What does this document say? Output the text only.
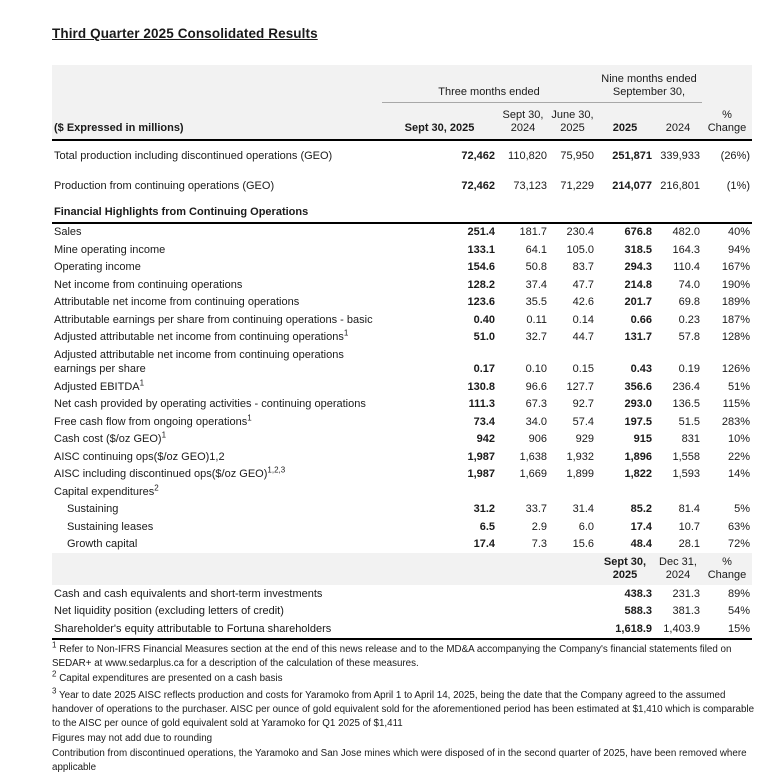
Third Quarter 2025 Consolidated Results
	Three months ended			Nine months ended
September 30,		

($ Expressed in millions)	Sept 30, 2025	Sept 30, 2024	June 30, 2025	2025	2024	% Change
Total production including discontinued operations (GEO)	72,462	110,820	75,950	251,871	339,933	(26%)
Production from continuing operations (GEO)	72,462	73,123	71,229	214,077	216,801	(1%)
Financial Highlights from Continuing Operations						
Sales	251.4	181.7	230.4	676.8	482.0	40%
Mine operating income	133.1	64.1	105.0	318.5	164.3	94%
Operating income	154.6	50.8	83.7	294.3	110.4	167%
Net income from continuing operations	128.2	37.4	47.7	214.8	74.0	190%
Attributable net income from continuing operations	123.6	35.5	42.6	201.7	69.8	189%
Attributable earnings per share from continuing operations - basic	0.40	0.11	0.14	0.66	0.23	187%
Adjusted attributable net income from continuing operations$^1$	51.0	32.7	44.7	131.7	57.8	128%
Adjusted attributable net income from continuing operations earnings per share	0.17	0.10	0.15	0.43	0.19	126%
Adjusted EBITDA$^1$	130.8	96.6	127.7	356.6	236.4	51%
Net cash provided by operating activities - continuing operations	111.3	67.3	92.7	293.0	136.5	115%
Free cash flow from ongoing operations$^1$	73.4	34.0	57.4	197.5	51.5	283%
Cash cost ($/oz GEO)$^1$	942	906	929	915	831	10%
AISC continuing ops($/oz GEO)1,2	1,987	1,638	1,932	1,896	1,558	22%
AISC including discontinued ops($/oz GEO)$^{1,2,3}$	1,987	1,669	1,899	1,822	1,593	14%
Capital expenditures$^2$						
Sustaining	31.2	33.7	31.4	85.2	81.4	5%
Sustaining leases	6.5	2.9	6.0	17.4	10.7	63%
Growth capital	17.4	7.3	15.6	48.4	28.1	72%
				Sept 30, 2025	Dec 31, 2024	% Change
Cash and cash equivalents and short-term investments				438.3	231.3	89%
Net liquidity position (excluding letters of credit)				588.3	381.3	54%
Shareholder's equity attributable to Fortuna shareholders				1,618.9	1,403.9	15%

$^1$ Refer to Non-IFRS Financial Measures section at the end of this news release and to the MD&A accompanying the Company's financial statements filed on SEDAR+ at www.sedarplus.ca for a description of the calculation of these measures.

$^2$ Capital expenditures are presented on a cash basis

$^3$ Year to date 2025 AISC reflects production and costs for Yaramoko from April 1 to April 14, 2025, being the date that the Company agreed to the assumed handover of operations to the purchaser. AISC per ounce of gold equivalent sold for the aforementioned period has been estimated at $1,410 which is comparable to the AISC per ounce of gold equivalent sold at Yaramoko for Q1 2025 of $1,411

Figures may not add due to rounding

Contribution from discontinued operations, the Yaramoko and San Jose mines which were disposed of in the second quarter of 2025, have been removed where applicable
